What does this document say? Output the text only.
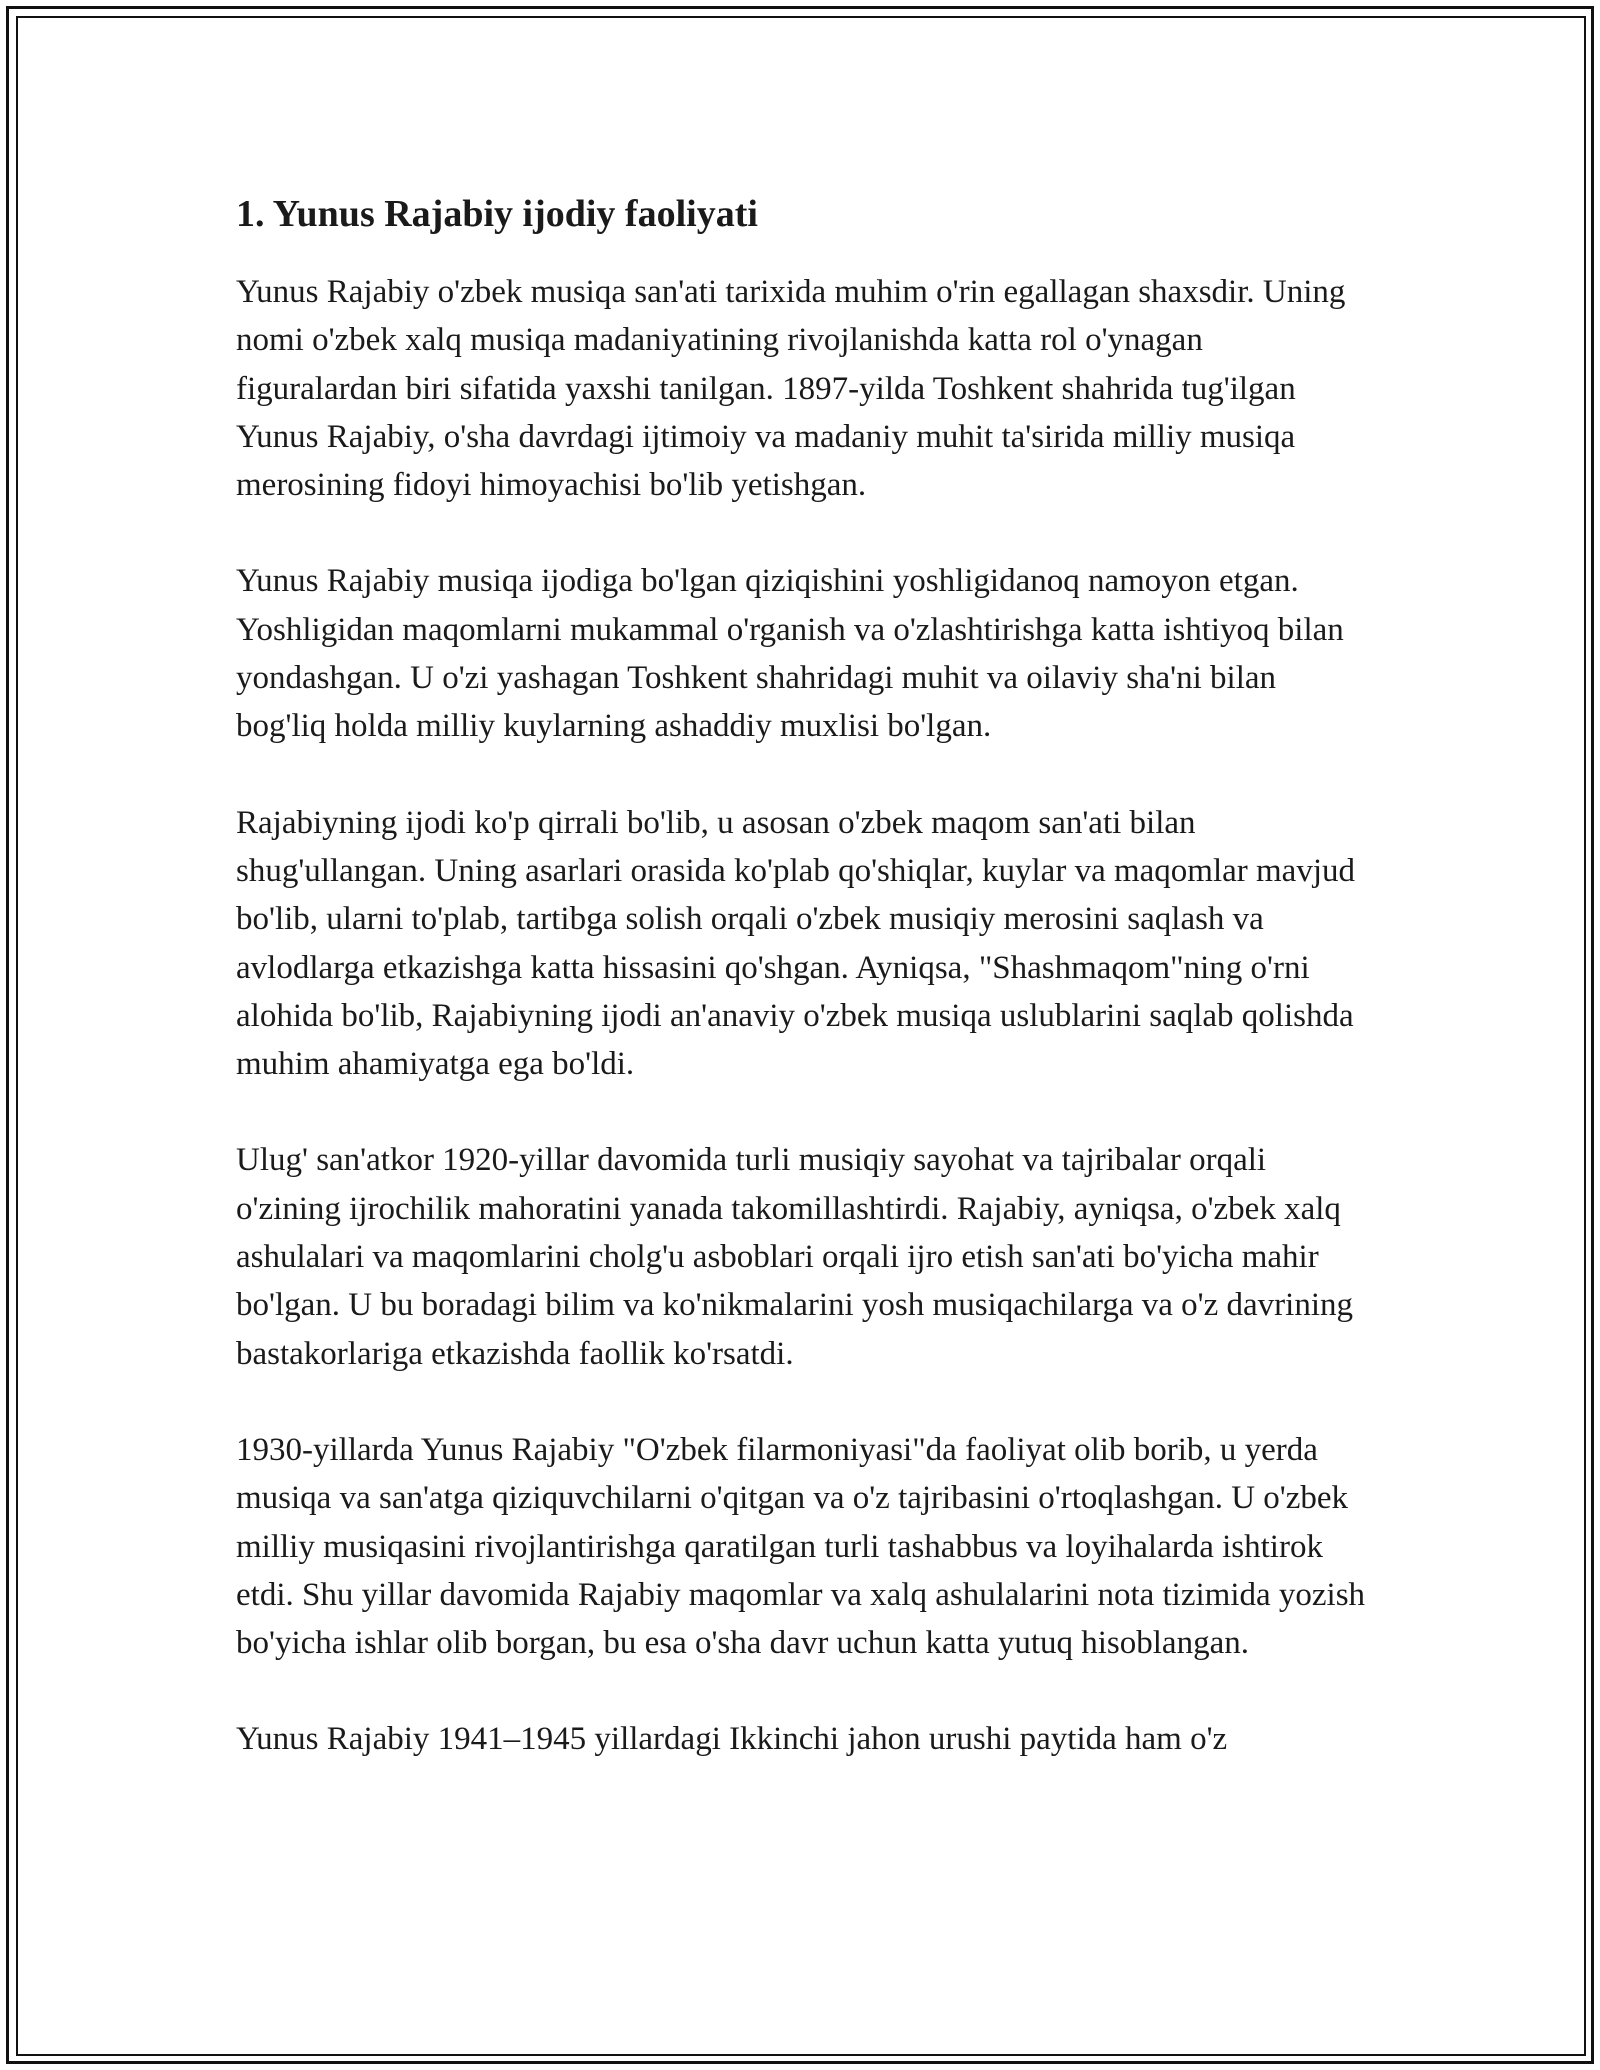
1. Yunus Rajabiy ijodiy faoliyati

Yunus Rajabiy o'zbek musiqa san'ati tarixida muhim o'rin egallagan shaxsdir. Uning nomi o'zbek xalq musiqa madaniyatining rivojlanishda katta rol o'ynagan figuralardan biri sifatida yaxshi tanilgan. 1897-yilda Toshkent shahrida tug'ilgan Yunus Rajabiy, o'sha davrdagi ijtimoiy va madaniy muhit ta'sirida milliy musiqa merosining fidoyi himoyachisi bo'lib yetishgan.

Yunus Rajabiy musiqa ijodiga bo'lgan qiziqishini yoshligidanoq namoyon etgan. Yoshligidan maqomlarni mukammal o'rganish va o'zlashtirishga katta ishtiyoq bilan yondashgan. U o'zi yashagan Toshkent shahridagi muhit va oilaviy sha'ni bilan bog'liq holda milliy kuylarning ashaddiy muxlisi bo'lgan.

Rajabiyning ijodi ko'p qirrali bo'lib, u asosan o'zbek maqom san'ati bilan shug'ullangan. Uning asarlari orasida ko'plab qo'shiqlar, kuylar va maqomlar mavjud bo'lib, ularni to'plab, tartibga solish orqali o'zbek musiqiy merosini saqlash va avlodlarga etkazishga katta hissasini qo'shgan. Ayniqsa, "Shashmaqom"ning o'rni alohida bo'lib, Rajabiyning ijodi an'anaviy o'zbek musiqa uslublarini saqlab qolishda muhim ahamiyatga ega bo'ldi.

Ulug' san'atkor 1920-yillar davomida turli musiqiy sayohat va tajribalar orqali o'zining ijrochilik mahoratini yanada takomillashtirdi. Rajabiy, ayniqsa, o'zbek xalq ashulalari va maqomlarini cholg'u asboblari orqali ijro etish san'ati bo'yicha mahir bo'lgan. U bu boradagi bilim va ko'nikmalarini yosh musiqachilarga va o'z davrining bastakorlariga etkazishda faollik ko'rsatdi.

1930-yillarda Yunus Rajabiy "O'zbek filarmoniyasi"da faoliyat olib borib, u yerda musiqa va san'atga qiziquvchilarni o'qitgan va o'z tajribasini o'rtoqlashgan. U o'zbek milliy musiqasini rivojlantirishga qaratilgan turli tashabbus va loyihalarda ishtirok etdi. Shu yillar davomida Rajabiy maqomlar va xalq ashulalarini nota tizimida yozish bo'yicha ishlar olib borgan, bu esa o'sha davr uchun katta yutuq hisoblangan.

Yunus Rajabiy 1941–1945 yillardagi Ikkinchi jahon urushi paytida ham o'z
